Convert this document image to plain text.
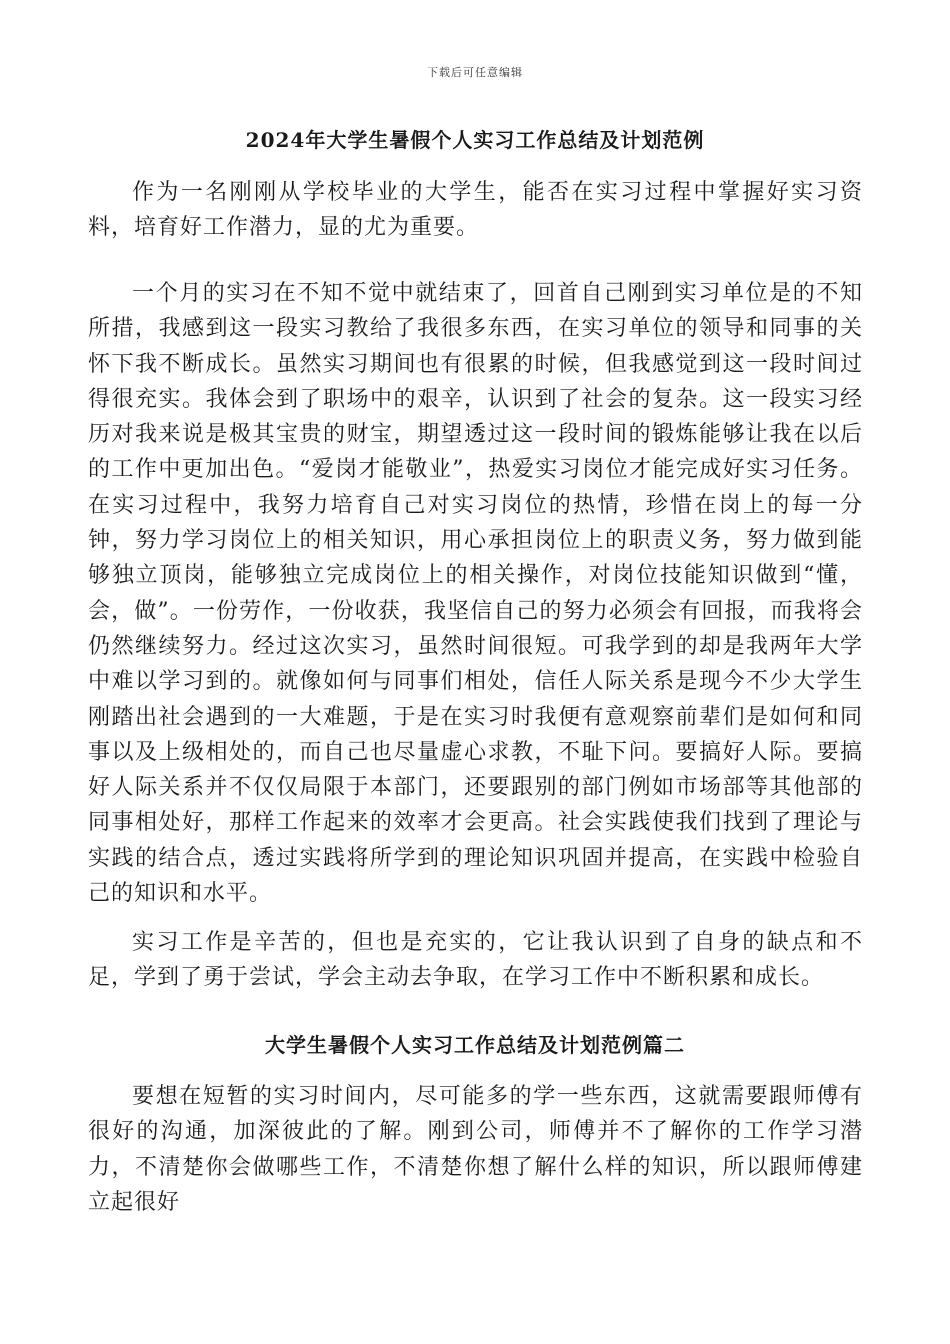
下载后可任意编辑
2024年大学生暑假个人实习工作总结及计划范例

作为一名刚刚从学校毕业的大学生，能否在实习过程中掌握好实习资料，培育好工作潜力，显的尤为重要。

一个月的实习在不知不觉中就结束了，回首自己刚到实习单位是的不知所措，我感到这一段实习教给了我很多东西，在实习单位的领导和同事的关怀下我不断成长。虽然实习期间也有很累的时候，但我感觉到这一段时间过得很充实。我体会到了职场中的艰辛，认识到了社会的复杂。这一段实习经历对我来说是极其宝贵的财宝，期望透过这一段时间的锻炼能够让我在以后的工作中更加出色。“爱岗才能敬业”，热爱实习岗位才能完成好实习任务。在实习过程中，我努力培育自己对实习岗位的热情，珍惜在岗上的每一分钟，努力学习岗位上的相关知识，用心承担岗位上的职责义务，努力做到能够独立顶岗，能够独立完成岗位上的相关操作，对岗位技能知识做到“懂，会，做”。一份劳作，一份收获，我坚信自己的努力必须会有回报，而我将会仍然继续努力。经过这次实习，虽然时间很短。可我学到的却是我两年大学中难以学习到的。就像如何与同事们相处，信任人际关系是现今不少大学生刚踏出社会遇到的一大难题，于是在实习时我便有意观察前辈们是如何和同事以及上级相处的，而自己也尽量虚心求教，不耻下问。要搞好人际。要搞好人际关系并不仅仅局限于本部门，还要跟别的部门例如市场部等其他部的同事相处好，那样工作起来的效率才会更高。社会实践使我们找到了理论与实践的结合点，透过实践将所学到的理论知识巩固并提高，在实践中检验自己的知识和水平。

实习工作是辛苦的，但也是充实的，它让我认识到了自身的缺点和不足，学到了勇于尝试，学会主动去争取，在学习工作中不断积累和成长。

大学生暑假个人实习工作总结及计划范例篇二

要想在短暂的实习时间内，尽可能多的学一些东西，这就需要跟师傅有很好的沟通，加深彼此的了解。刚到公司，师傅并不了解你的工作学习潜力，不清楚你会做哪些工作，不清楚你想了解什么样的知识，所以跟师傅建立起很好
